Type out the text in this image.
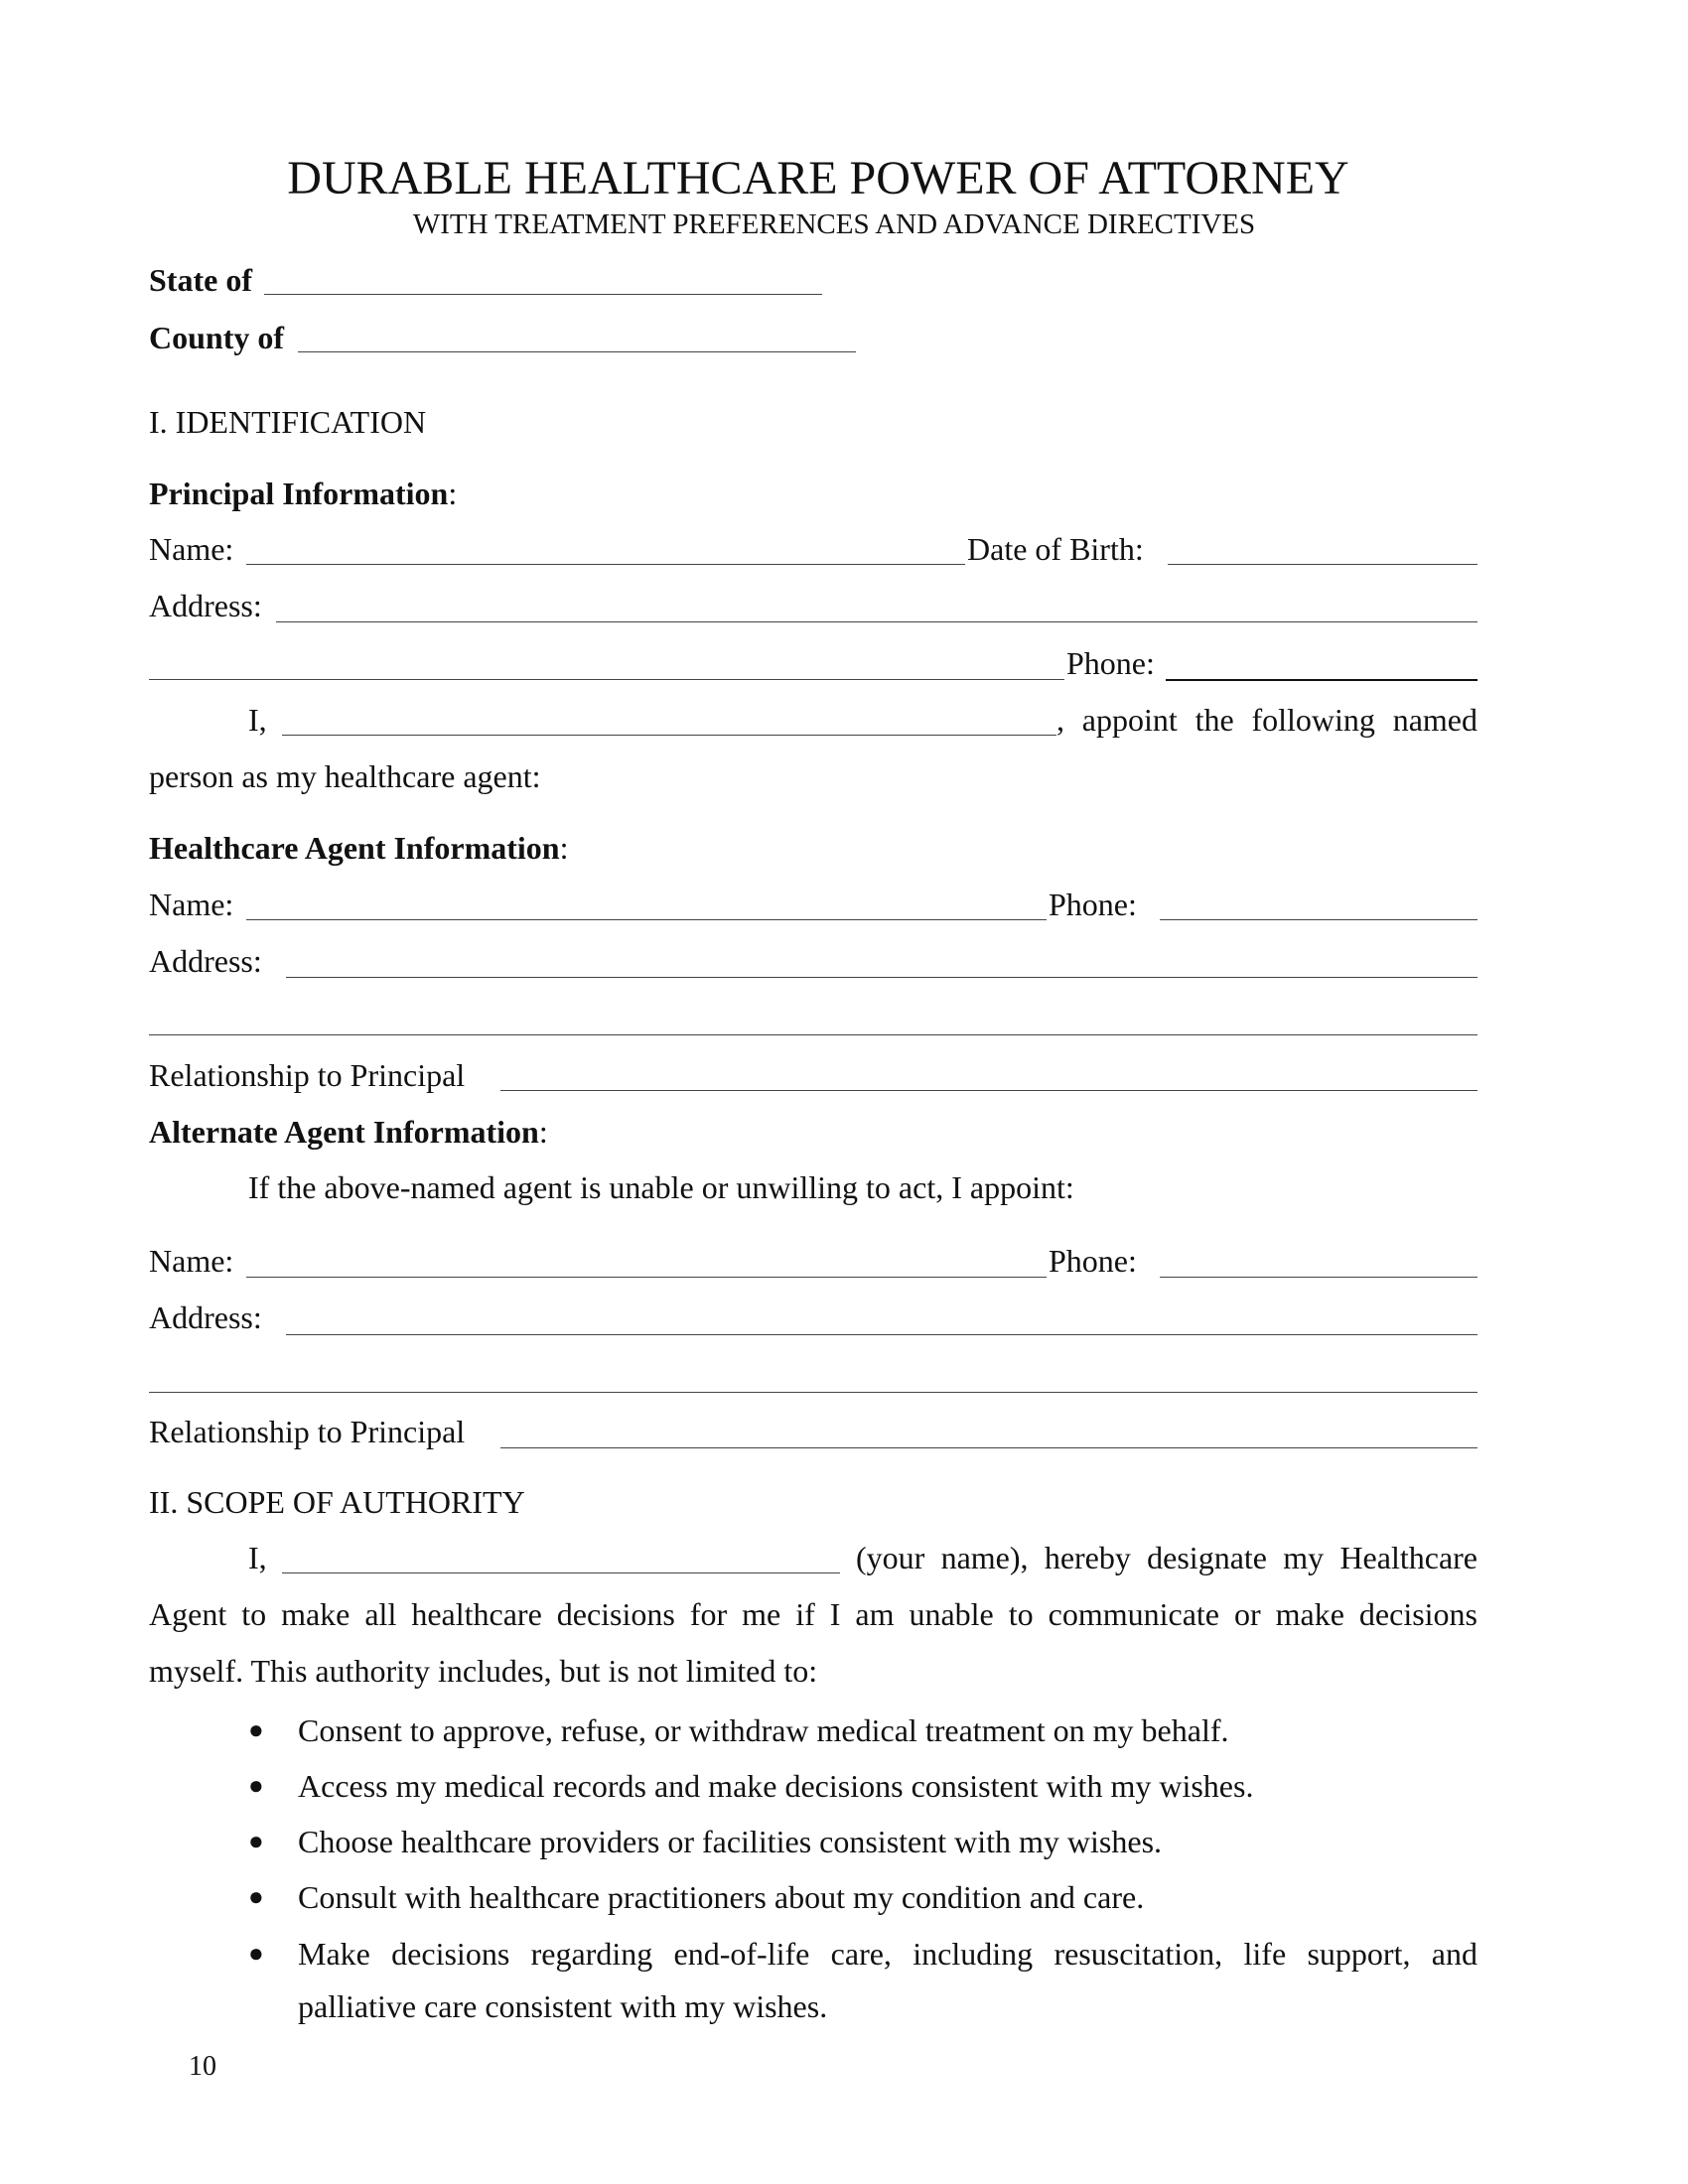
DURABLE HEALTHCARE POWER OF ATTORNEY
WITH TREATMENT PREFERENCES AND ADVANCE DIRECTIVES
State of
County of
I. IDENTIFICATION
Principal Information:
Name:	Date of Birth:
Address:
Phone:
I,	, appoint the following named
person as my healthcare agent:
Healthcare Agent Information:
Name:	Phone:
Address:
Relationship to Principal
Alternate Agent Information:
If the above-named agent is unable or unwilling to act, I appoint:
Name:	Phone:
Address:
Relationship to Principal
II. SCOPE OF AUTHORITY
I,	(your name), hereby designate my Healthcare
Agent to make all healthcare decisions for me if I am unable to communicate or make decisions
myself. This authority includes, but is not limited to:
● Consent to approve, refuse, or withdraw medical treatment on my behalf.
● Access my medical records and make decisions consistent with my wishes.
● Choose healthcare providers or facilities consistent with my wishes.
● Consult with healthcare practitioners about my condition and care.
● Make decisions regarding end-of-life care, including resuscitation, life support, and
palliative care consistent with my wishes.
10
